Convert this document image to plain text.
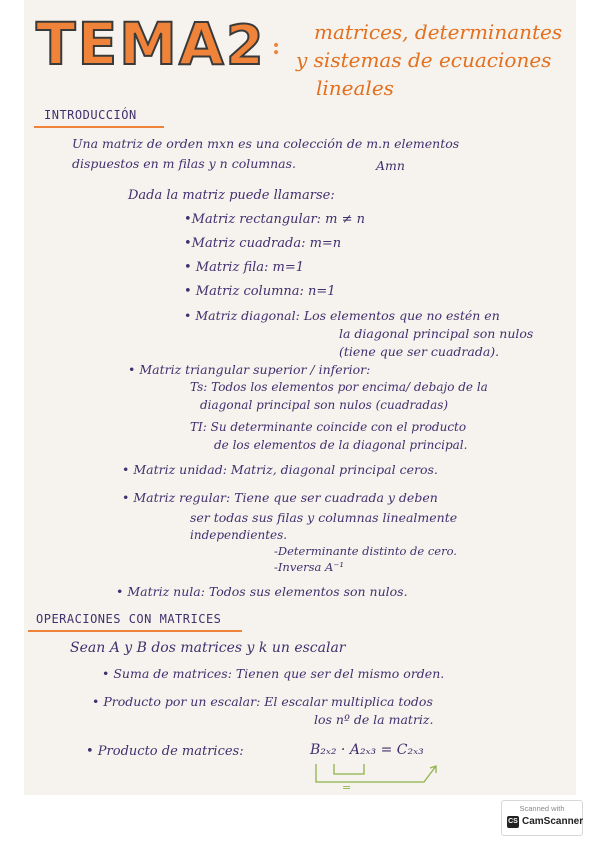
TEMA 2 :
matrices, determinantes
y sistemas de ecuaciones
lineales
INTRODUCCIÓN
Una matriz de orden mxn es una colección de m.n elementos
dispuestos en m filas y n columnas.	Amn
Dada la matriz puede llamarse:
•Matriz rectangular: m ≠ n
•Matriz cuadrada: m=n
• Matriz fila: m=1
• Matriz columna: n=1
• Matriz diagonal: Los elementos que no estén en
la diagonal principal son nulos
(tiene que ser cuadrada).
• Matriz triangular superior / inferior:
Ts: Todos los elementos por encima/ debajo de la
diagonal principal son nulos (cuadradas)
TI: Su determinante coincide con el producto
de los elementos de la diagonal principal.
• Matriz unidad: Matriz, diagonal principal ceros.
• Matriz regular: Tiene que ser cuadrada y deben
ser todas sus filas y columnas linealmente
independientes.
-Determinante distinto de cero.
-Inversa A⁻¹
• Matriz nula: Todos sus elementos son nulos.
OPERACIONES CON MATRICES
Sean A y B dos matrices y k un escalar
• Suma de matrices: Tienen que ser del mismo orden.
• Producto por un escalar: El escalar multiplica todos
los nº de la matriz.
• Producto de matrices:	B₂ₓ₂ · A₂ₓ₃ = C₂ₓ₃
=
Scanned with
CS CamScanner
